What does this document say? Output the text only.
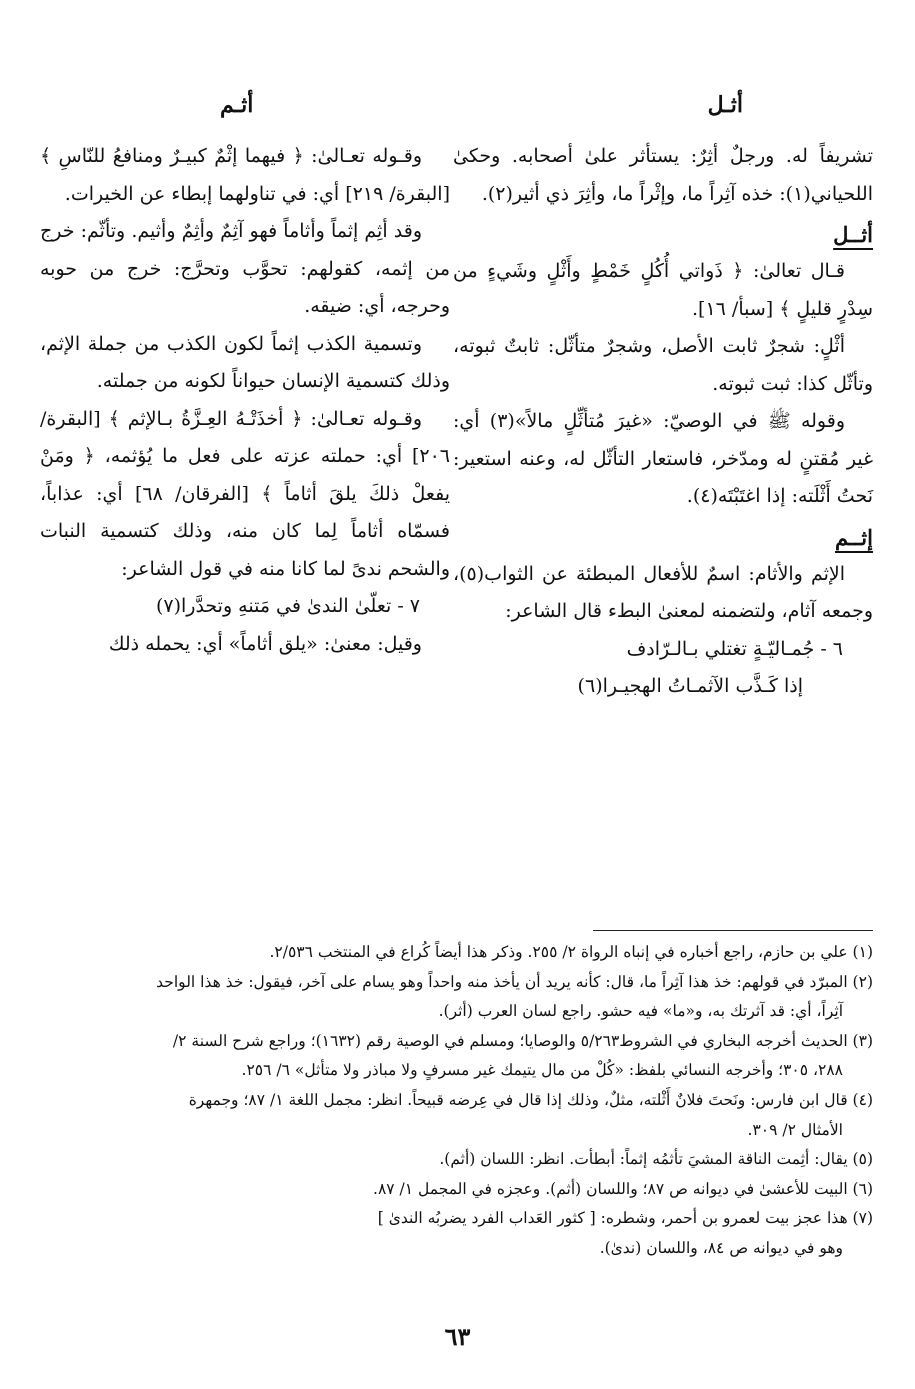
أثـل
أثـم

تشريفاً له. ورجلٌ أثِرٌ: يستأثر علىٰ أصحابه. وحكىٰ اللحياني(١): خذه آثِراً ما، وإثْراً ما، وأثِرَ ذي أثير(٢).

أثــل

قـال تعالىٰ: ﴿ ذَواتي أُكُلٍ خَمْطٍ وأَثْلٍ وشَيءٍ من سِدْرٍ قليلٍ ﴾ [سبأ/ ١٦].

أثْلٍ: شجرٌ ثابت الأصل، وشجرٌ متأثّل: ثابتٌ ثبوته، وتأثّل كذا: ثبت ثبوته.

وقوله ﷺ في الوصيّ: «غيرَ مُتأثِّلٍ مالاً»(٣) أي: غير مُقتنٍ له ومدّخر، فاستعار التأثّل له، وعنه استعير: نَحتُ أَثْلَته: إذا اغتَبْتَه(٤).

إثــم

الإثم والأثام: اسمٌ للأفعال المبطئة عن الثواب(٥)، وجمعه آثام، ولتضمنه لمعنىٰ البطء قال الشاعر:

٦ - جُمـاليّـةٍ تغتلي بـالـرّادف

إذا كَـذَّب الآثمـاتُ الهجيـرا(٦)

وقـوله تعـالىٰ: ﴿ فيهما إثْمٌ كبيـرٌ ومنافعُ للنّاسِ ﴾ [البقرة/ ٢١٩] أي: في تناولهما إبطاء عن الخيرات.

وقد أثِم إثماً وأثاماً فهو آثِمٌ وأثِمٌ وأثيم. وتأثّم: خرج من إثمه، كقولهم: تحوَّب وتحرَّج: خرج من حوبه وحرجه، أي: ضيقه.

وتسمية الكذب إثماً لكون الكذب من جملة الإثم، وذلك كتسمية الإنسان حيواناً لكونه من جملته.

وقـوله تعـالىٰ: ﴿ أخذَتْـهُ العِـزَّةُ بـالإثم ﴾ [البقرة/ ٢٠٦] أي: حملته عزته على فعل ما يُؤثمه، ﴿ ومَنْ يفعلْ ذلكَ يلقَ أثاماً ﴾ [الفرقان/ ٦٨] أي: عذاباً، فسمّاه أثاماً لِما كان منه، وذلك كتسمية النبات والشحم ندىً لما كانا منه في قول الشاعر:

٧ - تعلّىٰ الندىٰ في مَتنهِ وتحدَّرا(٧)

وقيل: معنىٰ: «يلق أثاماً» أي: يحمله ذلك

(١) علي بن حازم، راجع أخباره في إنباه الرواة ٢/ ٢٥٥. وذكر هذا أيضاً كُراع في المنتخب ٢/٥٣٦.

(٢) المبرّد في قولهم: خذ هذا آثِراً ما، قال: كأنه يريد أن يأخذ منه واحداً وهو يسام على آخر، فيقول: خذ هذا الواحد

آثِراً، أي: قد آثرتك به، و«ما» فيه حشو. راجع لسان العرب (أثر).

(٣) الحديث أخرجه البخاري في الشروط٥/٢٦٣ والوصايا؛ ومسلم في الوصية رقم (١٦٣٢)؛ وراجع شرح السنة ٢/

٢٨٨، ٣٠٥؛ وأخرجه النسائي بلفظ: «كُلْ من مال يتيمك غير مسرفٍ ولا مباذر ولا متأثل» ٦/ ٢٥٦.

(٤) قال ابن فارس: ونَحتَ فلانٌ أَثْلته، مثلٌ، وذلك إذا قال في عِرضه قبيحاً. انظر: مجمل اللغة ١/ ٨٧؛ وجمهرة

الأمثال ٢/ ٣٠٩.

(٥) يقال: أثِمت الناقة المشيَ تأثمُه إثماً: أبطأت. انظر: اللسان (أثم).

(٦) البيت للأعشىٰ في ديوانه ص ٨٧؛ واللسان (أثم). وعجزه في المجمل ١/ ٨٧.

(٧) هذا عجز بيت لعمرو بن أحمر، وشطره: [ كثور العَداب الفرد يضربُه الندىٰ ]

وهو في ديوانه ص ٨٤، واللسان (ندىٰ).

٦٣
